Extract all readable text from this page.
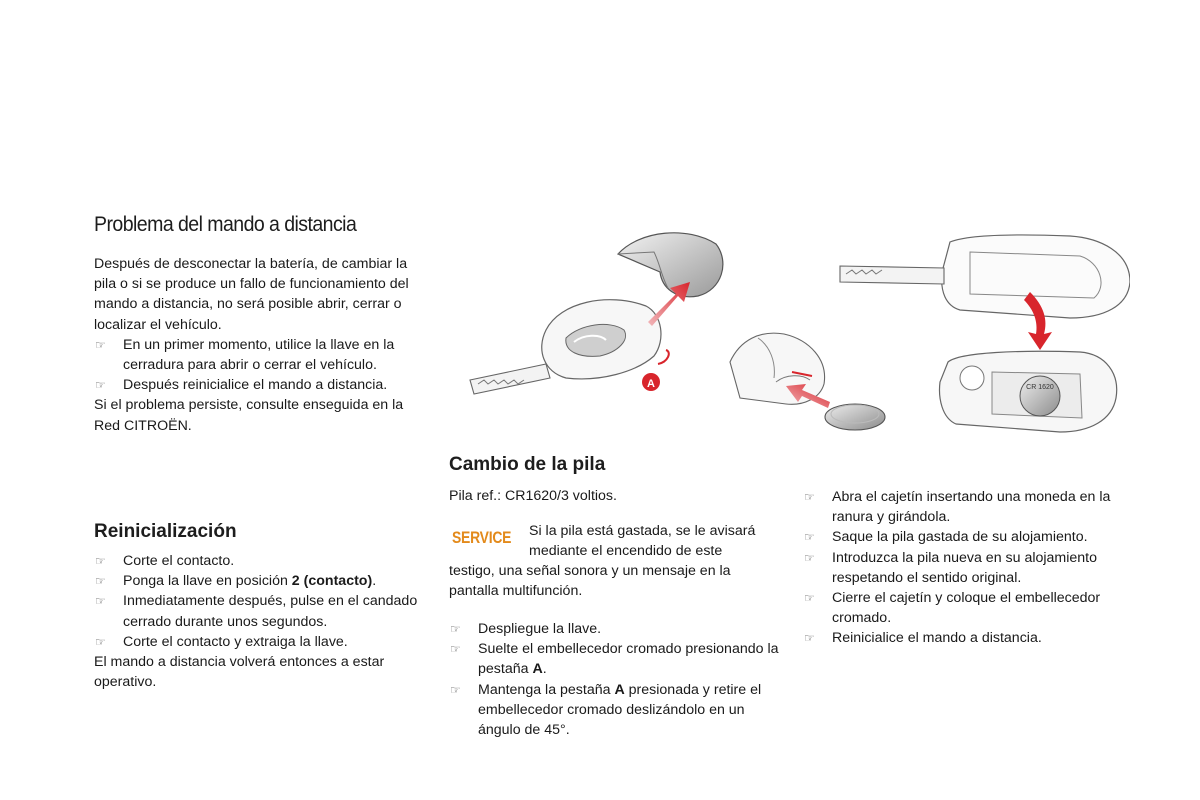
Problema del mando a distancia
Después de desconectar la batería, de cambiar la pila o si se produce un fallo de funcionamiento del mando a distancia, no será posible abrir, cerrar o localizar el vehículo.
☞ En un primer momento, utilice la llave en la cerradura para abrir o cerrar el vehículo.
☞ Después reinicialice el mando a distancia.
Si el problema persiste, consulte enseguida en la Red CITROËN.
Reinicialización
☞ Corte el contacto.
☞ Ponga la llave en posición 2 (contacto).
☞ Inmediatamente después, pulse en el candado cerrado durante unos segundos.
☞ Corte el contacto y extraiga la llave.
El mando a distancia volverá entonces a estar operativo.
A	CR 1620
Cambio de la pila
Pila ref.: CR1620/3 voltios.
SERVICE Si la pila está gastada, se le avisará mediante el encendido de este
testigo, una señal sonora y un mensaje en la pantalla multifunción.
☞ Despliegue la llave.
☞ Suelte el embellecedor cromado presionando la pestaña A.
☞ Mantenga la pestaña A presionada y retire el embellecedor cromado deslizándolo en un ángulo de 45°.
☞ Abra el cajetín insertando una moneda en la ranura y girándola.
☞ Saque la pila gastada de su alojamiento.
☞ Introduzca la pila nueva en su alojamiento respetando el sentido original.
☞ Cierre el cajetín y coloque el embellecedor cromado.
☞ Reinicialice el mando a distancia.
